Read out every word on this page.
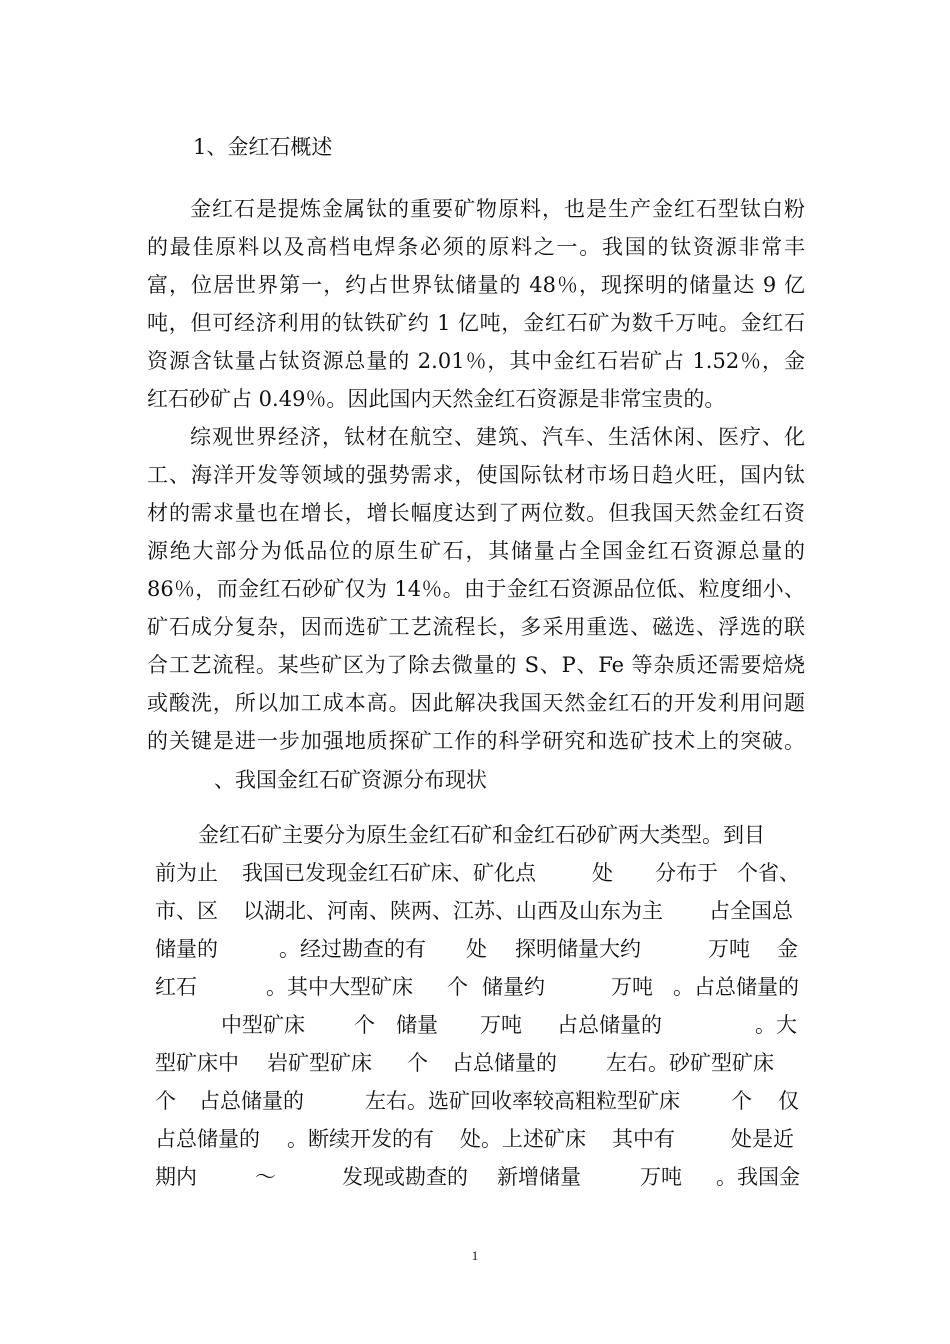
1、金红石概述
金红石是提炼金属钛的重要矿物原料，也是生产金红石型钛白粉
的最佳原料以及高档电焊条必须的原料之一。我国的钛资源非常丰
富，位居世界第一，约占世界钛储量的 48％，现探明的储量达 9 亿
吨，但可经济利用的钛铁矿约 1 亿吨，金红石矿为数千万吨。金红石
资源含钛量占钛资源总量的 2.01％，其中金红石岩矿占 1.52％，金
红石砂矿占 0.49％。因此国内天然金红石资源是非常宝贵的。
综观世界经济，钛材在航空、建筑、汽车、生活休闲、医疗、化
工、海洋开发等领域的强势需求，使国际钛材市场日趋火旺，国内钛
材的需求量也在增长，增长幅度达到了两位数。但我国天然金红石资
源绝大部分为低品位的原生矿石，其储量占全国金红石资源总量的
86％，而金红石砂矿仅为 14％。由于金红石资源品位低、粒度细小、
矿石成分复杂，因而选矿工艺流程长，多采用重选、磁选、浮选的联
合工艺流程。某些矿区为了除去微量的 S、P、Fe 等杂质还需要焙烧
或酸洗，所以加工成本高。因此解决我国天然金红石的开发利用问题
的关键是进一步加强地质探矿工作的科学研究和选矿技术上的突破。
、我国金红石矿资源分布现状
金红石矿主要分为原生金红石矿和金红石砂矿两大类型。到目
前为止 我国已发现金红石矿床、矿化点	处 分布于 个省、
市、区 以湖北、河南、陕两、江苏、山西及山东为主 占全国总
储量的	。经过勘查的有 处 探明储量大约	万吨 金
红石	。其中大型矿床 个 储量约	万吨 。占总储量的
中型矿床 个 储量 万吨 占总储量的	。大
型矿床中 岩矿型矿床 个 占总储量的 左右。砂矿型矿床
个 占总储量的	左右。选矿回收率较高粗粒型矿床 个 仅
占总储量的 。断续开发的有 处。上述矿床 其中有	处是近
期内	～	发现或勘查的 新增储量	万吨 。我国金
1
